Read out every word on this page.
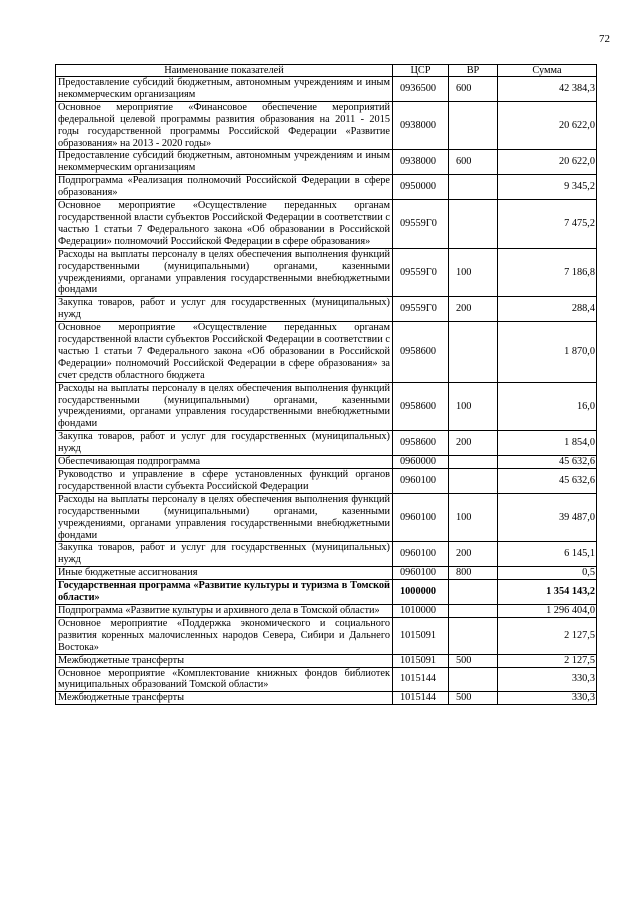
72
Наименование показателей	ЦСР	ВР	Сумма
Предоставление субсидий бюджетным, автономным учреждениям и иным некоммерческим организациям	0936500	600	42 384,3
Основное мероприятие «Финансовое обеспечение мероприятий федеральной целевой программы развития образования на 2011 - 2015 годы государственной программы Российской Федерации «Развитие образования» на 2013 - 2020 годы»	0938000		20 622,0
Предоставление субсидий бюджетным, автономным учреждениям и иным некоммерческим организациям	0938000	600	20 622,0
Подпрограмма «Реализация полномочий Российской Федерации в сфере образования»	0950000		9 345,2
Основное мероприятие «Осуществление переданных органам государственной власти субъектов Российской Федерации в соответствии с частью 1 статьи 7 Федерального закона «Об образовании в Российской Федерации» полномочий Российской Федерации в сфере образования»	09559Г0		7 475,2
Расходы на выплаты персоналу в целях обеспечения выполнения функций государственными (муниципальными) органами, казенными учреждениями, органами управления государственными внебюджетными фондами	09559Г0	100	7 186,8
Закупка товаров, работ и услуг для государственных (муниципальных) нужд	09559Г0	200	288,4
Основное мероприятие «Осуществление переданных органам государственной власти субъектов Российской Федерации в соответствии с частью 1 статьи 7 Федерального закона «Об образовании в Российской Федерации» полномочий Российской Федерации в сфере образования» за счет средств областного бюджета	0958600		1 870,0
Расходы на выплаты персоналу в целях обеспечения выполнения функций государственными (муниципальными) органами, казенными учреждениями, органами управления государственными внебюджетными фондами	0958600	100	16,0
Закупка товаров, работ и услуг для государственных (муниципальных) нужд	0958600	200	1 854,0
Обеспечивающая подпрограмма	0960000		45 632,6
Руководство и управление в сфере установленных функций органов государственной власти субъекта Российской Федерации	0960100		45 632,6
Расходы на выплаты персоналу в целях обеспечения выполнения функций государственными (муниципальными) органами, казенными учреждениями, органами управления государственными внебюджетными фондами	0960100	100	39 487,0
Закупка товаров, работ и услуг для государственных (муниципальных) нужд	0960100	200	6 145,1
Иные бюджетные ассигнования	0960100	800	0,5
Государственная программа «Развитие культуры и туризма в Томской области»	1000000		1 354 143,2
Подпрограмма «Развитие культуры и архивного дела в Томской области»	1010000		1 296 404,0
Основное мероприятие «Поддержка экономического и социального развития коренных малочисленных народов Севера, Сибири и Дальнего Востока»	1015091		2 127,5
Межбюджетные трансферты	1015091	500	2 127,5
Основное мероприятие «Комплектование книжных фондов библиотек муниципальных образований Томской области»	1015144		330,3
Межбюджетные трансферты	1015144	500	330,3
